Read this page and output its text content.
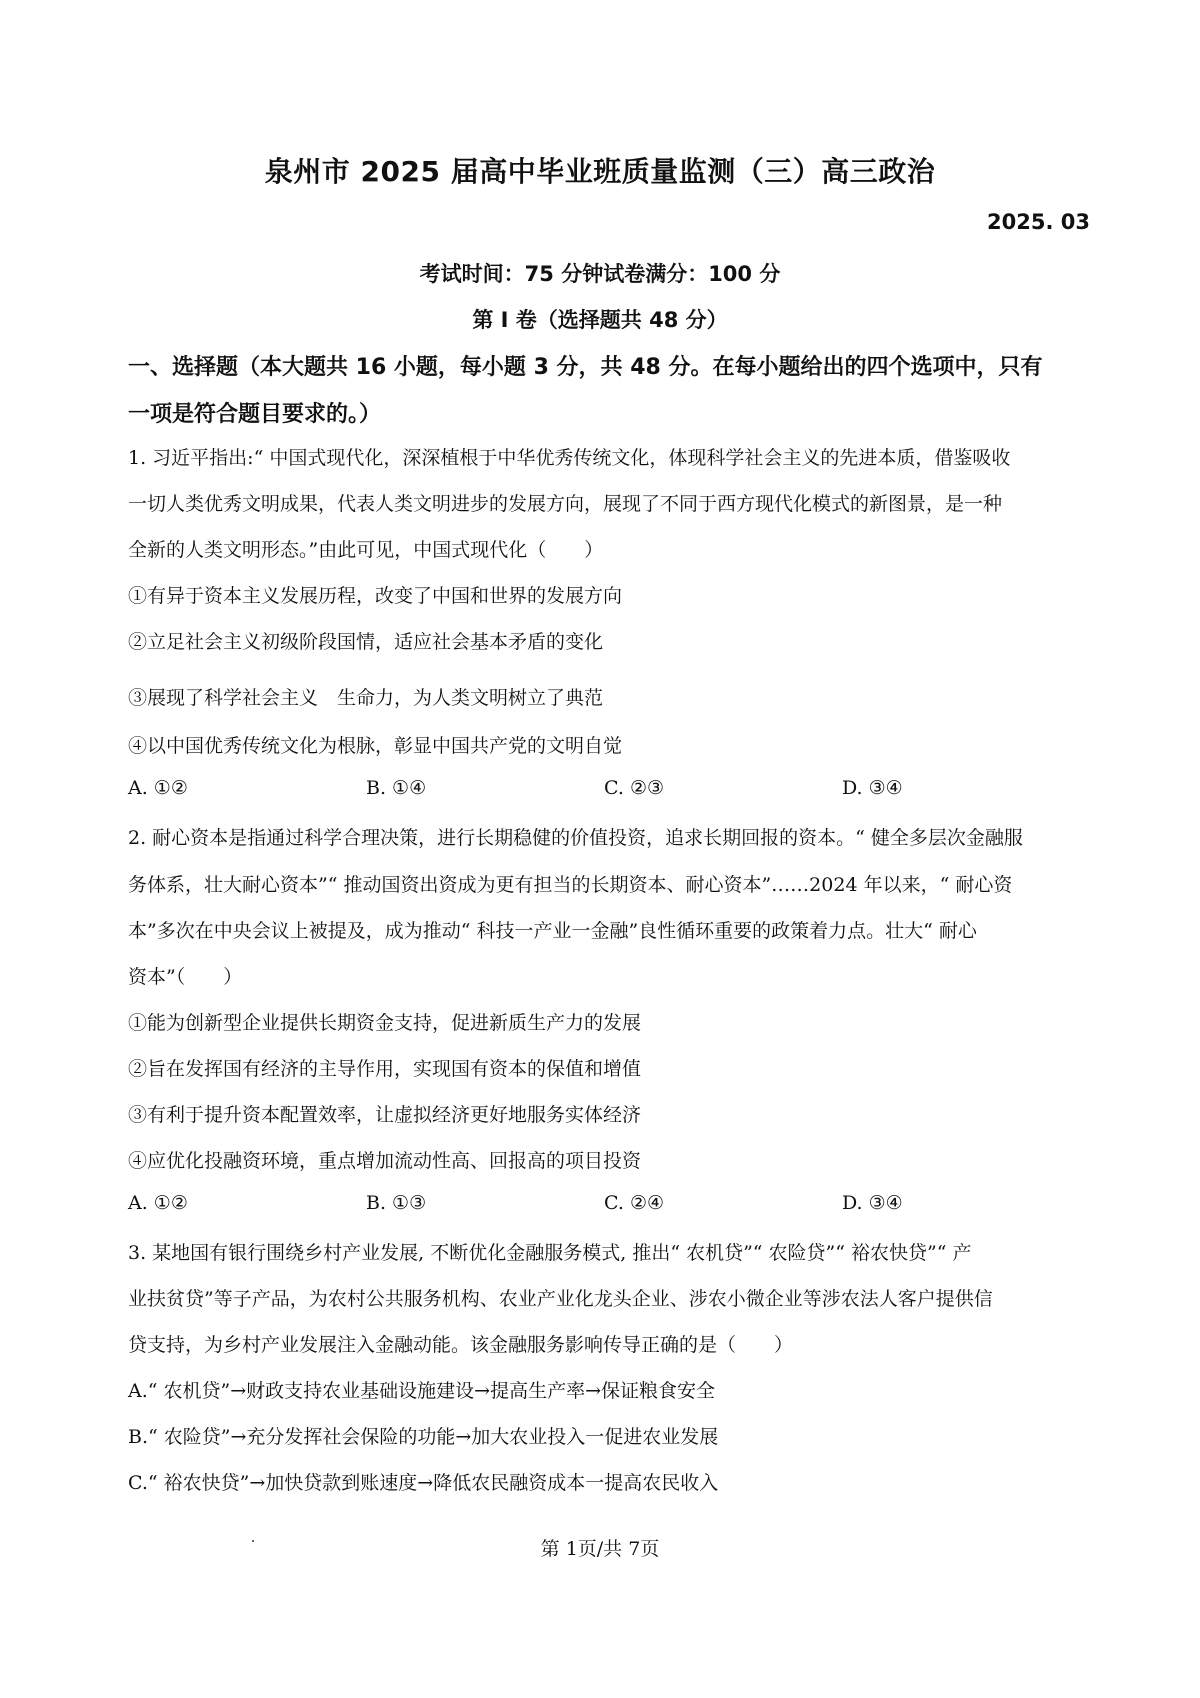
泉州市 2025 届高中毕业班质量监测（三）高三政治
2025. 03
考试时间：75 分钟试卷满分：100 分
第 I 卷（选择题共 48 分）
一、选择题（本大题共 16 小题，每小题 3 分，共 48 分。在每小题给出的四个选项中，只有
一项是符合题目要求的。）
1. 习近平指出:“ 中国式现代化，深深植根于中华优秀传统文化，体现科学社会主义的先进本质，借鉴吸收
一切人类优秀文明成果，代表人类文明进步的发展方向，展现了不同于西方现代化模式的新图景，是一种
全新的人类文明形态。”由此可见，中国式现代化（　　）
①有异于资本主义发展历程，改变了中国和世界的发展方向
②立足社会主义初级阶段国情，适应社会基本矛盾的变化
③展现了科学社会主义　生命力，为人类文明树立了典范
④以中国优秀传统文化为根脉，彰显中国共产党的文明自觉
A. ①②	B. ①④	C. ②③	D. ③④
2. 耐心资本是指通过科学合理决策，进行长期稳健的价值投资，追求长期回报的资本。“ 健全多层次金融服
务体系，壮大耐心资本”“ 推动国资出资成为更有担当的长期资本、耐心资本”……2024 年以来，“ 耐心资
本”多次在中央会议上被提及，成为推动“ 科技一产业一金融”良性循环重要的政策着力点。壮大“ 耐心
资本”（　　）
①能为创新型企业提供长期资金支持，促进新质生产力的发展
②旨在发挥国有经济的主导作用，实现国有资本的保值和增值
③有利于提升资本配置效率，让虚拟经济更好地服务实体经济
④应优化投融资环境，重点增加流动性高、回报高的项目投资
A. ①②	B. ①③	C. ②④	D. ③④
3. 某地国有银行围绕乡村产业发展, 不断优化金融服务模式, 推出“ 农机贷”“ 农险贷”“ 裕农快贷”“ 产
业扶贫贷”等子产品，为农村公共服务机构、农业产业化龙头企业、涉农小微企业等涉农法人客户提供信
贷支持，为乡村产业发展注入金融动能。该金融服务影响传导正确的是（　　）
A.“ 农机贷”→财政支持农业基础设施建设→提高生产率→保证粮食安全
B.“ 农险贷”→充分发挥社会保险的功能→加大农业投入一促进农业发展
C.“ 裕农快贷”→加快贷款到账速度→降低农民融资成本一提高农民收入
第 1页/共 7页
